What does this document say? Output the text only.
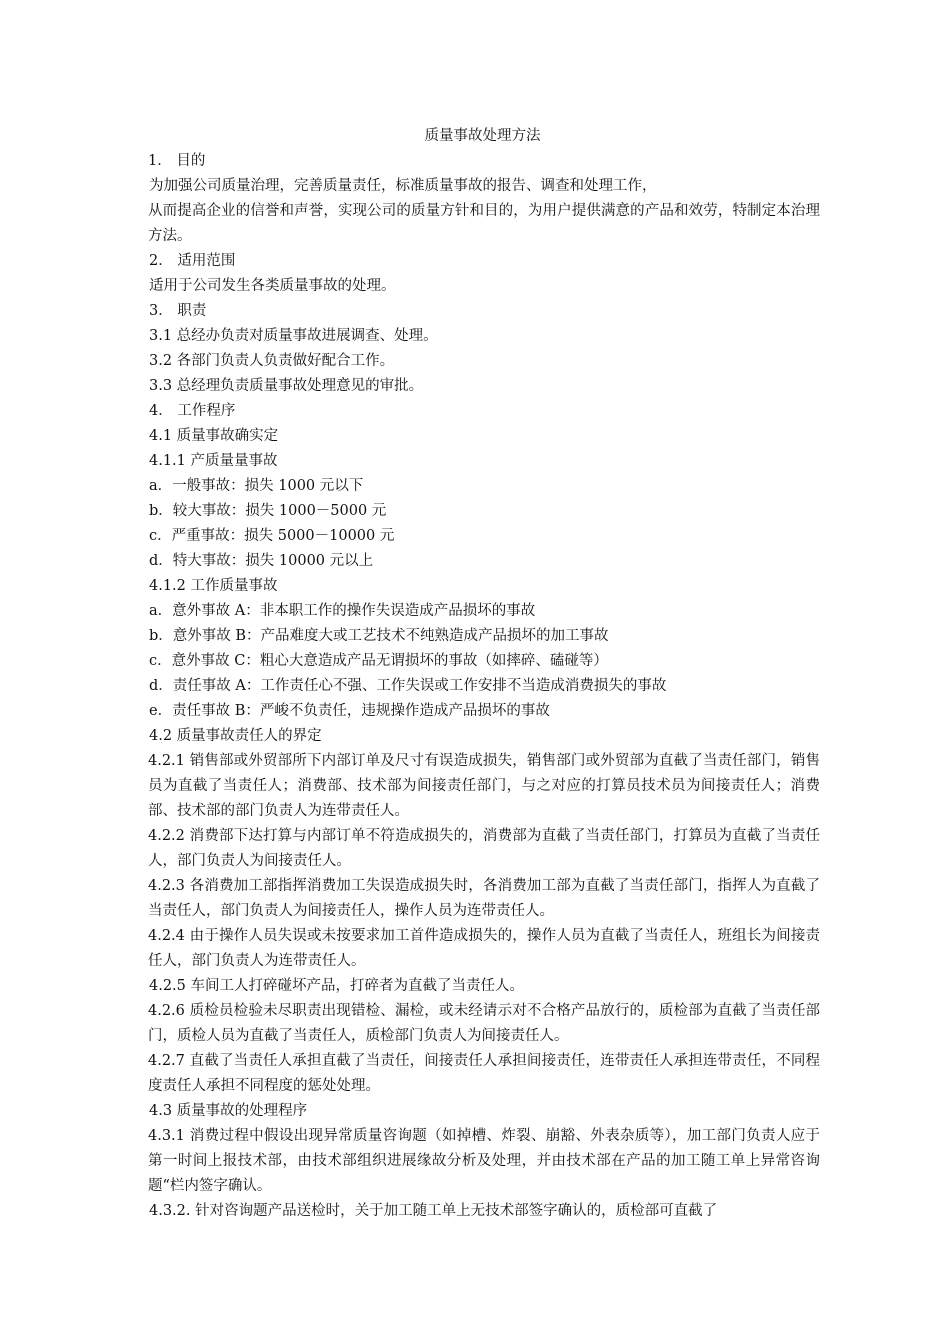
质量事故处理方法

1． 目的

为加强公司质量治理，完善质量责任，标准质量事故的报告、调查和处理工作，

从而提高企业的信誉和声誉，实现公司的质量方针和目的，为用户提供满意的产品和效劳，特制定本治理方法。

2． 适用范围

适用于公司发生各类质量事故的处理。

3． 职责

3.1 总经办负责对质量事故进展调查、处理。

3.2 各部门负责人负责做好配合工作。

3.3 总经理负责质量事故处理意见的审批。

4． 工作程序

4.1 质量事故确实定

4.1.1 产质量量事故

a．一般事故：损失 1000 元以下

b．较大事故：损失 1000－5000 元

c．严重事故：损失 5000－10000 元

d．特大事故：损失 10000 元以上

4.1.2 工作质量事故

a．意外事故 A：非本职工作的操作失误造成产品损坏的事故

b．意外事故 B：产品难度大或工艺技术不纯熟造成产品损坏的加工事故

c．意外事故 C：粗心大意造成产品无谓损坏的事故（如摔碎、磕碰等）

d．责任事故 A：工作责任心不强、工作失误或工作安排不当造成消费损失的事故

e．责任事故 B：严峻不负责任，违规操作造成产品损坏的事故

4.2 质量事故责任人的界定

4.2.1 销售部或外贸部所下内部订单及尺寸有误造成损失，销售部门或外贸部为直截了当责任部门，销售员为直截了当责任人；消费部、技术部为间接责任部门，与之对应的打算员技术员为间接责任人；消费部、技术部的部门负责人为连带责任人。

4.2.2 消费部下达打算与内部订单不符造成损失的，消费部为直截了当责任部门，打算员为直截了当责任人，部门负责人为间接责任人。

4.2.3 各消费加工部指挥消费加工失误造成损失时，各消费加工部为直截了当责任部门，指挥人为直截了当责任人，部门负责人为间接责任人，操作人员为连带责任人。

4.2.4 由于操作人员失误或未按要求加工首件造成损失的，操作人员为直截了当责任人，班组长为间接责任人，部门负责人为连带责任人。

4.2.5 车间工人打碎碰坏产品，打碎者为直截了当责任人。

4.2.6 质检员检验未尽职责出现错检、漏检，或未经请示对不合格产品放行的，质检部为直截了当责任部门，质检人员为直截了当责任人，质检部门负责人为间接责任人。

4.2.7 直截了当责任人承担直截了当责任，间接责任人承担间接责任，连带责任人承担连带责任，不同程度责任人承担不同程度的惩处处理。

4.3 质量事故的处理程序

4.3.1 消费过程中假设出现异常质量咨询题（如掉槽、炸裂、崩豁、外表杂质等），加工部门负责人应于第一时间上报技术部，由技术部组织进展缘故分析及处理，并由技术部在产品的加工随工单上异常咨询题“栏内签字确认。

4.3.2. 针对咨询题产品送检时，关于加工随工单上无技术部签字确认的，质检部可直截了
